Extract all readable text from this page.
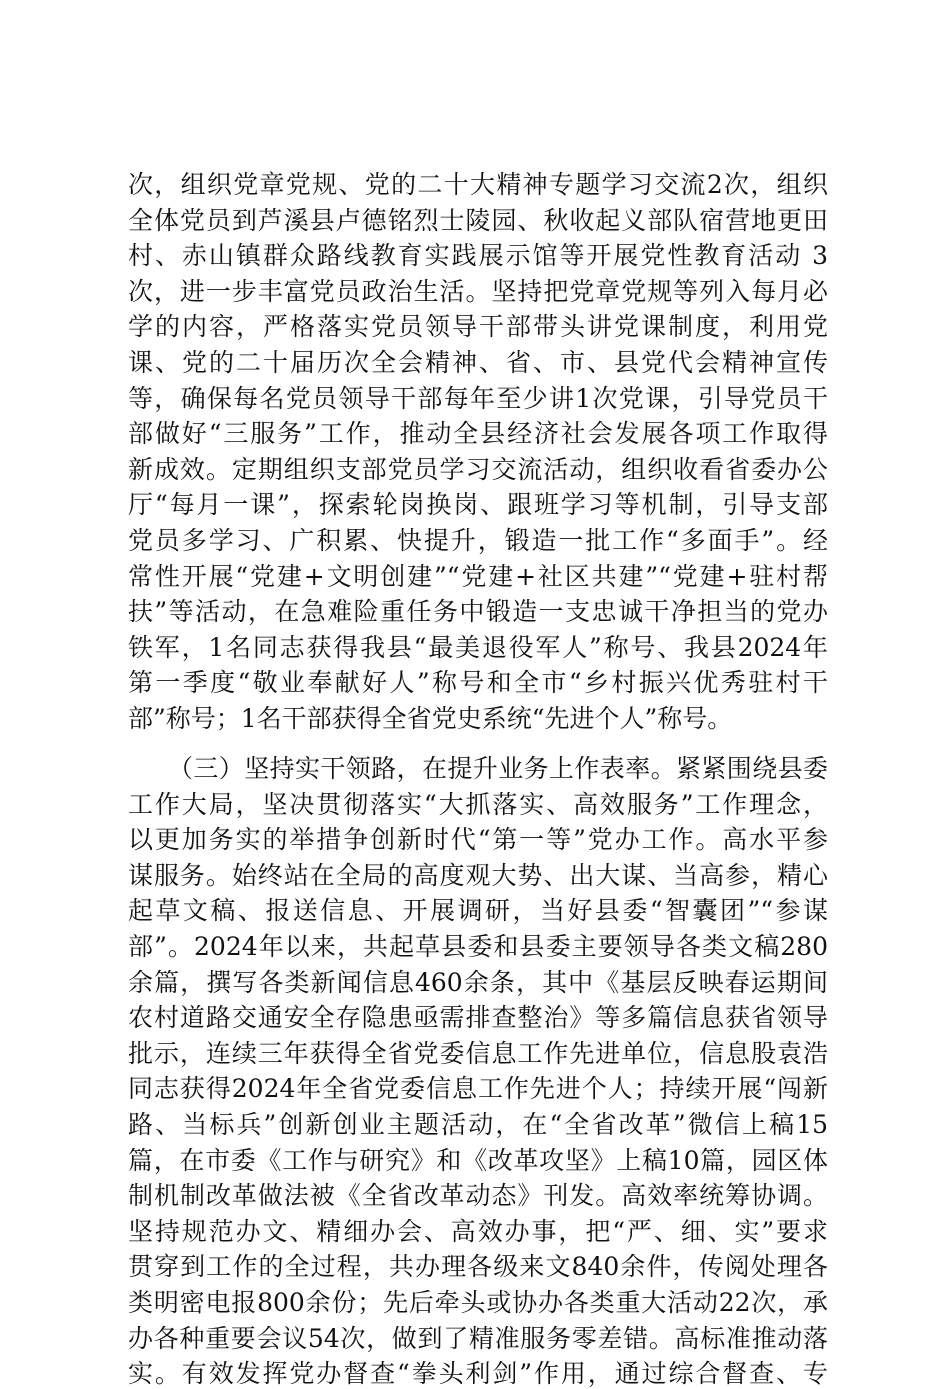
次，组织党章党规、党的二十大精神专题学习交流2次，组织
全体党员到芦溪县卢德铭烈士陵园、秋收起义部队宿营地更田
村、赤山镇群众路线教育实践展示馆等开展党性教育活动 3
次，进一步丰富党员政治生活。坚持把党章党规等列入每月必
学的内容，严格落实党员领导干部带头讲党课制度，利用党
课、党的二十届历次全会精神、省、市、县党代会精神宣传
等，确保每名党员领导干部每年至少讲1次党课，引导党员干
部做好“三服务”工作，推动全县经济社会发展各项工作取得
新成效。定期组织支部党员学习交流活动，组织收看省委办公
厅“每月一课”，探索轮岗换岗、跟班学习等机制，引导支部
党员多学习、广积累、快提升，锻造一批工作“多面手”。经
常性开展“党建+文明创建”“党建+社区共建”“党建+驻村帮
扶”等活动，在急难险重任务中锻造一支忠诚干净担当的党办
铁军，1名同志获得我县“最美退役军人”称号、我县2024年
第一季度“敬业奉献好人”称号和全市“乡村振兴优秀驻村干
部”称号；1名干部获得全省党史系统“先进个人”称号。
（三）坚持实干领路，在提升业务上作表率。紧紧围绕县委
工作大局，坚决贯彻落实“大抓落实、高效服务”工作理念，
以更加务实的举措争创新时代“第一等”党办工作。高水平参
谋服务。始终站在全局的高度观大势、出大谋、当高参，精心
起草文稿、报送信息、开展调研，当好县委“智囊团”“参谋
部”。2024年以来，共起草县委和县委主要领导各类文稿280
余篇，撰写各类新闻信息460余条，其中《基层反映春运期间
农村道路交通安全存隐患亟需排查整治》等多篇信息获省领导
批示，连续三年获得全省党委信息工作先进单位，信息股袁浩
同志获得2024年全省党委信息工作先进个人；持续开展“闯新
路、当标兵”创新创业主题活动，在“全省改革”微信上稿15
篇，在市委《工作与研究》和《改革攻坚》上稿10篇，园区体
制机制改革做法被《全省改革动态》刊发。高效率统筹协调。
坚持规范办文、精细办会、高效办事，把“严、细、实”要求
贯穿到工作的全过程，共办理各级来文840余件，传阅处理各
类明密电报800余份；先后牵头或协办各类重大活动22次，承
办各种重要会议54次，做到了精准服务零差错。高标准推动落
实。有效发挥党办督查“拳头利剑”作用，通过综合督查、专
